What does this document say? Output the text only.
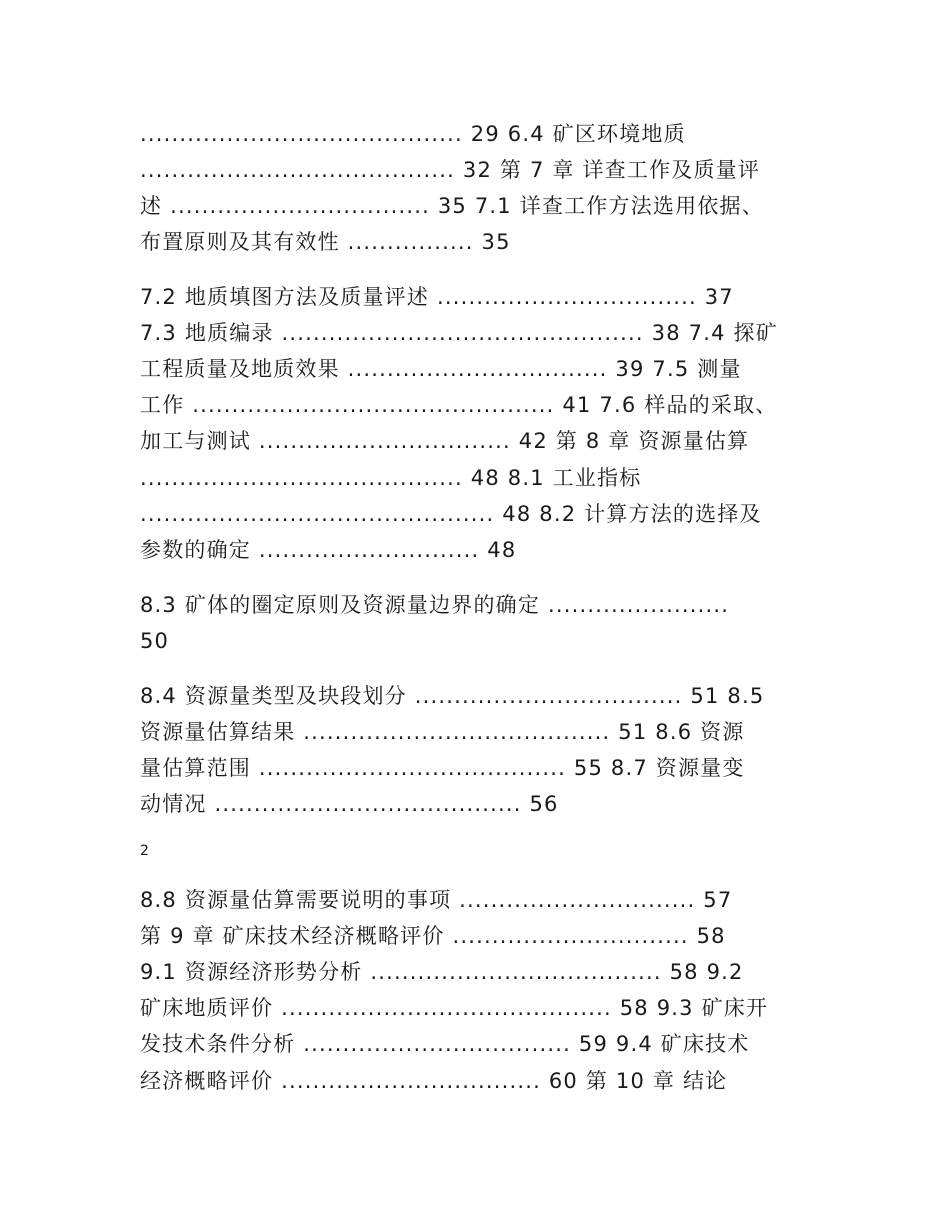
......................................... 29 6.4 矿区环境地质
........................................ 32 第 7 章 详查工作及质量评
述 ................................. 35 7.1 详查工作方法选用依据、
布置原则及其有效性 ................ 35
7.2 地质填图方法及质量评述 ................................. 37
7.3 地质编录 .............................................. 38 7.4 探矿
工程质量及地质效果 ................................. 39 7.5 测量
工作 .............................................. 41 7.6 样品的采取、
加工与测试 ................................ 42 第 8 章 资源量估算
......................................... 48 8.1 工业指标
............................................. 48 8.2 计算方法的选择及
参数的确定 ............................ 48
8.3 矿体的圈定原则及资源量边界的确定 .......................
50
8.4 资源量类型及块段划分 .................................. 51 8.5
资源量估算结果 ....................................... 51 8.6 资源
量估算范围 ....................................... 55 8.7 资源量变
动情况 ....................................... 56
2
8.8 资源量估算需要说明的事项 .............................. 57
第 9 章 矿床技术经济概略评价 .............................. 58
9.1 资源经济形势分析 ..................................... 58 9.2
矿床地质评价 .......................................... 58 9.3 矿床开
发技术条件分析 .................................. 59 9.4 矿床技术
经济概略评价 ................................. 60 第 10 章 结论
